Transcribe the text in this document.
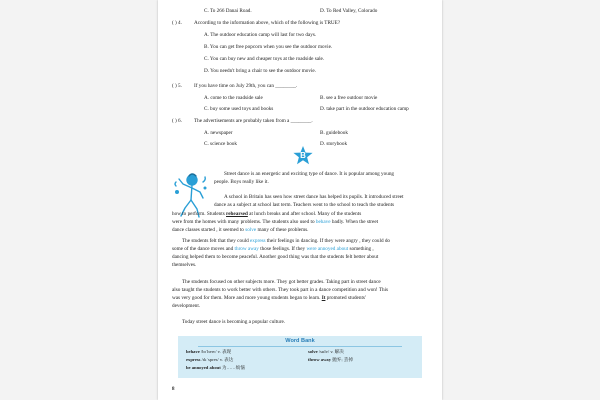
C. To 266 Danai Road.	D. To Red Valley, Colorado
( ) 4. According to the information above, which of the following is TRUE?
A. The outdoor education camp will last for two days.
B. You can get free popcorn when you see the outdoor movie.
C. You can buy new and cheaper toys at the roadside sale.
D. You needn't bring a chair to see the outdoor movie.
( ) 5. If you have time on July 29th, you can ________.
A. come to the roadside sale	B. see a free outdoor movie
C. buy some used toys and books	D. take part in the outdoor education camp
( ) 6. The advertisements are probably taken from a ________.
A. newspaper	B. guidebook
C. science book	D. storybook
B
Street dance is an energetic and exciting type of dance. It is popular among young
people. Boys really like it.
A school in Britain has seen how street dance has helped its pupils. It introduced street
dance as a subject at school last term. Teachers went to the school to teach the students
how to perform. Students rehearsed at lunch breaks and after school. Many of the students
were from the homes with many problems. The students also used to behave badly. When the street
dance classes started , it seemed to solve many of these problems.
The students felt that they could express their feelings in dancing. If they were angry , they could do
some of the dance moves and throw away those feelings. If they were annoyed about something ,
dancing helped them to become peaceful. Another good thing was that the students felt better about
themselves.
The students focused on other subjects more. They got better grades. Taking part in street dance
also taught the students to work better with others. They took part in a dance competition and won! This
was very good for them. More and more young students began to learn. It promoted students'
development.
Today street dance is becoming a popular culture.
Word Bank
behave /bɪˈheɪv/ v. 表现	solve /sɒlv/ v. 解决
express /ɪkˈspres/ v. 表达	throw away 抛弃; 丢掉
be annoyed about 为……烦恼
8
